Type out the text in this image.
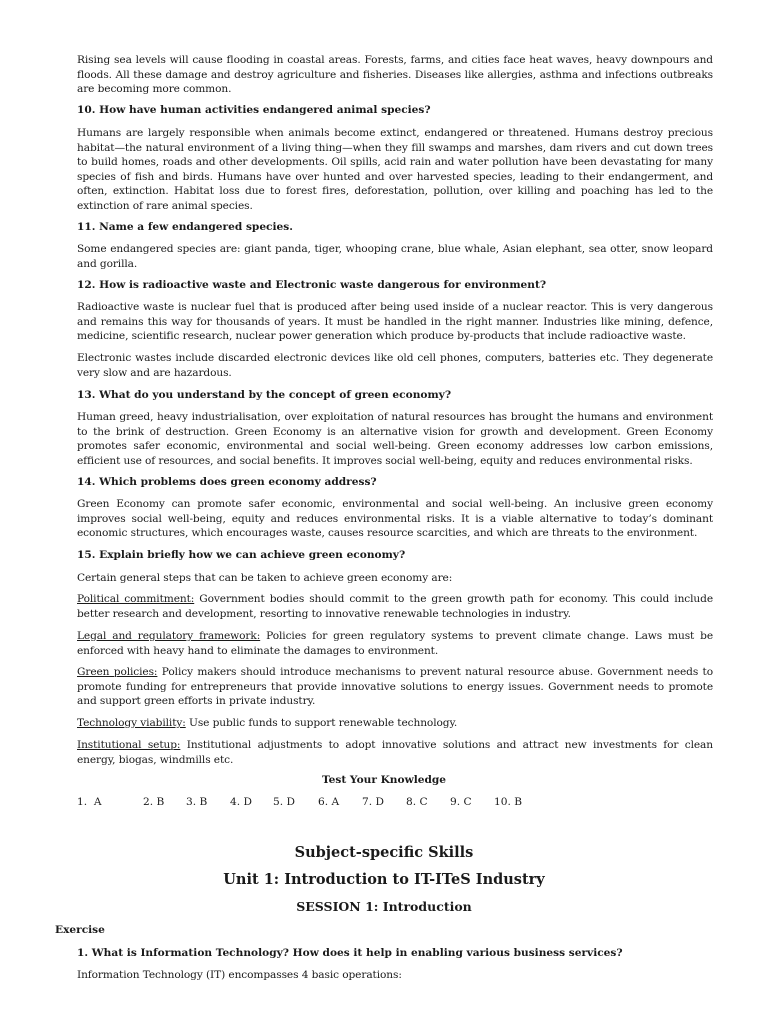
Rising sea levels will cause flooding in coastal areas. Forests, farms, and cities face heat waves, heavy downpours and floods. All these damage and destroy agriculture and fisheries. Diseases like allergies, asthma and infections outbreaks are becoming more common.

10. How have human activities endangered animal species?

Humans are largely responsible when animals become extinct, endangered or threatened. Humans destroy precious habitat—the natural environment of a living thing—when they fill swamps and marshes, dam rivers and cut down trees to build homes, roads and other developments. Oil spills, acid rain and water pollution have been devastating for many species of fish and birds. Humans have over hunted and over harvested species, leading to their endangerment, and often, extinction. Habitat loss due to forest fires, deforestation, pollution, over killing and poaching has led to the extinction of rare animal species.

11. Name a few endangered species.

Some endangered species are: giant panda, tiger, whooping crane, blue whale, Asian elephant, sea otter, snow leopard and gorilla.

12. How is radioactive waste and Electronic waste dangerous for environment?

Radioactive waste is nuclear fuel that is produced after being used inside of a nuclear reactor. This is very dangerous and remains this way for thousands of years. It must be handled in the right manner. Industries like mining, defence, medicine, scientific research, nuclear power generation which produce by-products that include radioactive waste.

Electronic wastes include discarded electronic devices like old cell phones, computers, batteries etc. They degenerate very slow and are hazardous.

13. What do you understand by the concept of green economy?

Human greed, heavy industrialisation, over exploitation of natural resources has brought the humans and environment to the brink of destruction. Green Economy is an alternative vision for growth and development. Green Economy promotes safer economic, environmental and social well-being. Green economy addresses low carbon emissions, efficient use of resources, and social benefits. It improves social well-being, equity and reduces environmental risks.

14. Which problems does green economy address?

Green Economy can promote safer economic, environmental and social well-being. An inclusive green economy improves social well-being, equity and reduces environmental risks. It is a viable alternative to today’s dominant economic structures, which encourages waste, causes resource scarcities, and which are threats to the environment.

15. Explain briefly how we can achieve green economy?

Certain general steps that can be taken to achieve green economy are:

Political commitment: Government bodies should commit to the green growth path for economy. This could include better research and development, resorting to innovative renewable technologies in industry.

Legal and regulatory framework: Policies for green regulatory systems to prevent climate change. Laws must be enforced with heavy hand to eliminate the damages to environment.

Green policies: Policy makers should introduce mechanisms to prevent natural resource abuse. Government needs to promote funding for entrepreneurs that provide innovative solutions to energy issues. Government needs to promote and support green efforts in private industry.

Technology viability: Use public funds to support renewable technology.

Institutional setup: Institutional adjustments to adopt innovative solutions and attract new investments for clean energy, biogas, windmills etc.

Test Your Knowledge
1.  A	2. B 3. B 4. D 5. D 6. A 7. D 8. C 9. C 10. B
Subject-specific Skills
Unit 1: Introduction to IT-ITeS Industry
SESSION 1: Introduction
Exercise

1. What is Information Technology? How does it help in enabling various business services?

Information Technology (IT) encompasses 4 basic operations:
